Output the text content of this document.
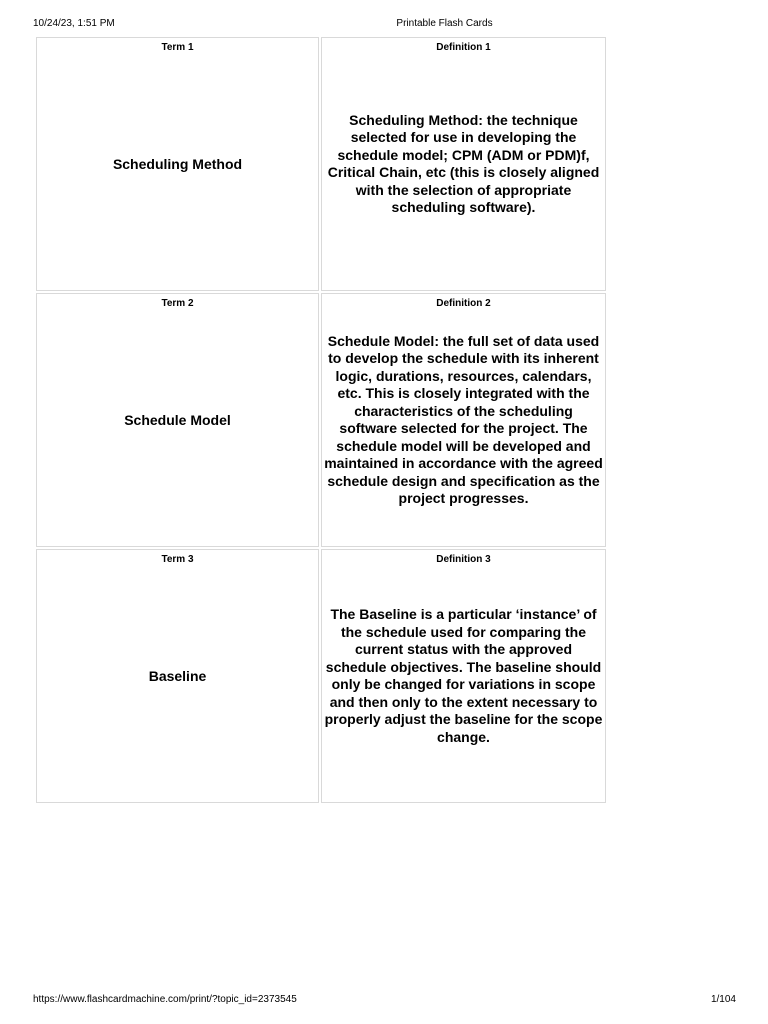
10/24/23, 1:51 PM	Printable Flash Cards
Term 1
Scheduling Method
Definition 1
Scheduling Method: the technique selected for use in developing the schedule model; CPM (ADM or PDM)f, Critical Chain, etc (this is closely aligned with the selection of appropriate scheduling software).
Term 2
Schedule Model
Definition 2
Schedule Model: the full set of data used to develop the schedule with its inherent logic, durations, resources, calendars, etc. This is closely integrated with the characteristics of the scheduling software selected for the project. The schedule model will be developed and maintained in accordance with the agreed schedule design and specification as the project progresses.
Term 3
Baseline
Definition 3
The Baseline is a particular ‘instance’ of the schedule used for comparing the current status with the approved schedule objectives. The baseline should only be changed for variations in scope and then only to the extent necessary to properly adjust the baseline for the scope change.
https://www.flashcardmachine.com/print/?topic_id=2373545	1/104
